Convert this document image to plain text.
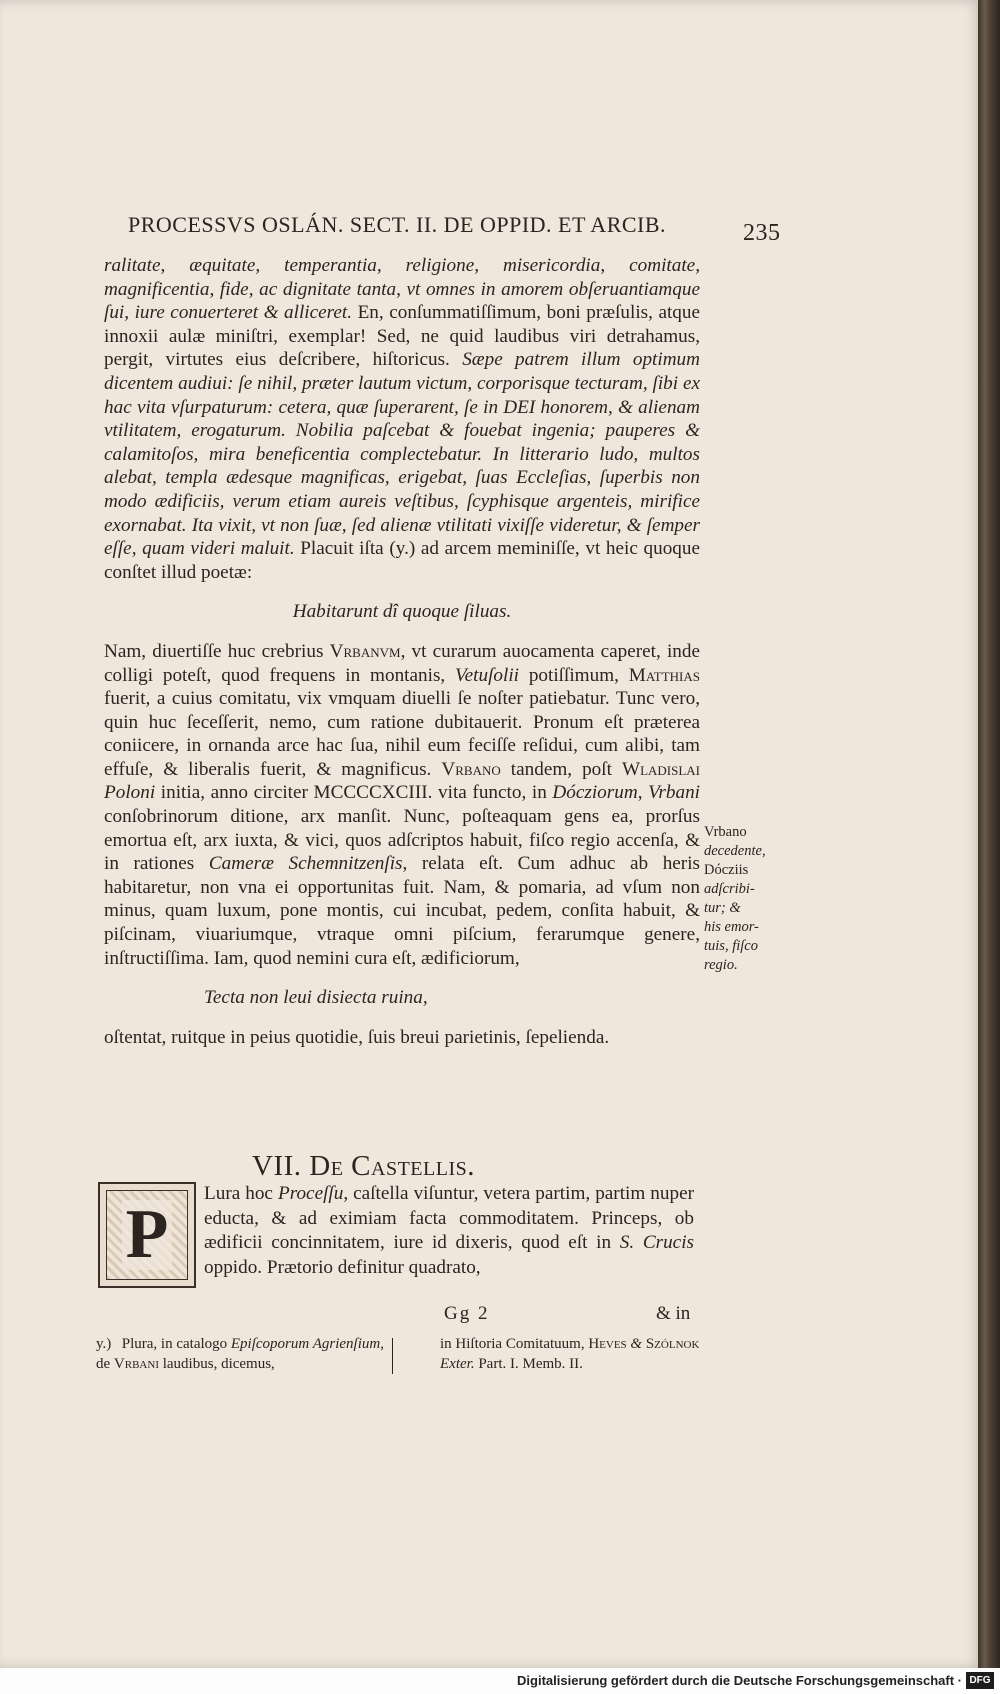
PROCESSVS OSLÁN. SECT. II. DE OPPID. ET ARCIB.	235

ralitate, æquitate, temperantia, religione, misericordia, comitate, magnificentia, fide, ac dignitate tanta, vt omnes in amorem obſeruantiamque ſui, iure conuerteret & alliceret. En, conſummatiſſimum, boni præſulis, atque innoxii aulæ miniſtri, exemplar! Sed, ne quid laudibus viri detrahamus, pergit, virtutes eius deſcribere, hiſtoricus. Sæpe patrem illum optimum dicentem audiui: ſe nihil, præter lautum victum, corporisque tecturam, ſibi ex hac vita vſurpaturum: cetera, quæ ſuperarent, ſe in DEI honorem, & alienam vtilitatem, erogaturum. Nobilia paſcebat & fouebat ingenia; pauperes & calamitoſos, mira beneficentia complectebatur. In litterario ludo, multos alebat, templa ædesque magnificas, erigebat, ſuas Eccleſias, ſuperbis non modo ædificiis, verum etiam aureis veſtibus, ſcyphisque argenteis, mirifice exornabat. Ita vixit, vt non ſuæ, ſed alienæ vtilitati vixiſſe videretur, & ſemper eſſe, quam videri maluit. Placuit iſta (y.) ad arcem meminiſſe, vt heic quoque conſtet illud poetæ:

Habitarunt dî quoque ſiluas.

Nam, diuertiſſe huc crebrius Vrbanvm, vt curarum auocamenta caperet, inde colligi poteſt, quod frequens in montanis, Vetuſolii potiſſimum, Matthias fuerit, a cuius comitatu, vix vmquam diuelli ſe noſter patiebatur. Tunc vero, quin huc ſeceſſerit, nemo, cum ratione dubitauerit. Pronum eſt præterea coniicere, in ornanda arce hac ſua, nihil eum feciſſe reſidui, cum alibi, tam effuſe, & liberalis fuerit, & magnificus. Vrbano tandem, poſt Wladislai Poloni initia, anno circiter MCCCCXCIII. vita functo, in Dócziorum, Vrbani conſobrinorum ditione, arx manſit. Nunc, poſteaquam gens ea, prorſus emortua eſt, arx iuxta, & vici, quos adſcriptos habuit, fiſco regio accenſa, & in rationes Cameræ Schemnitzenſis, relata eſt. Cum adhuc ab heris habitaretur, non vna ei opportunitas fuit. Nam, & pomaria, ad vſum non minus, quam luxum, pone montis, cui incubat, pedem, conſita habuit, & piſcinam, viuariumque, vtraque omni piſcium, ferarumque genere, inſtructiſſima. Iam, quod nemini cura eſt, ædificiorum,

Tecta non leui disiecta ruina,

oſtentat, ruitque in peius quotidie, ſuis breui parietinis, ſepelienda.

Vrbano
decedente,
Dócziis
adſcribi-
tur; &
his emor-
tuis, fiſco
regio.
VII. De Castellis.
P

Lura hoc Proceſſu, caſtella viſuntur, vetera partim, partim nuper educta, & ad eximiam facta commoditatem. Princeps, ob ædificii concinnitatem, iure id dixeris, quod eſt in S. Crucis oppido. Prætorio definitur quadrato,

Gg 2	& in
y.) Plura, in catalogo Epiſcoporum Agrienſium, de Vrbani laudibus, dicemus,
in Hiſtoria Comitatuum, Heves & Szólnok Exter. Part. I. Memb. II.
Digitalisierung gefördert durch die Deutsche Forschungsgemeinschaft · DFG
